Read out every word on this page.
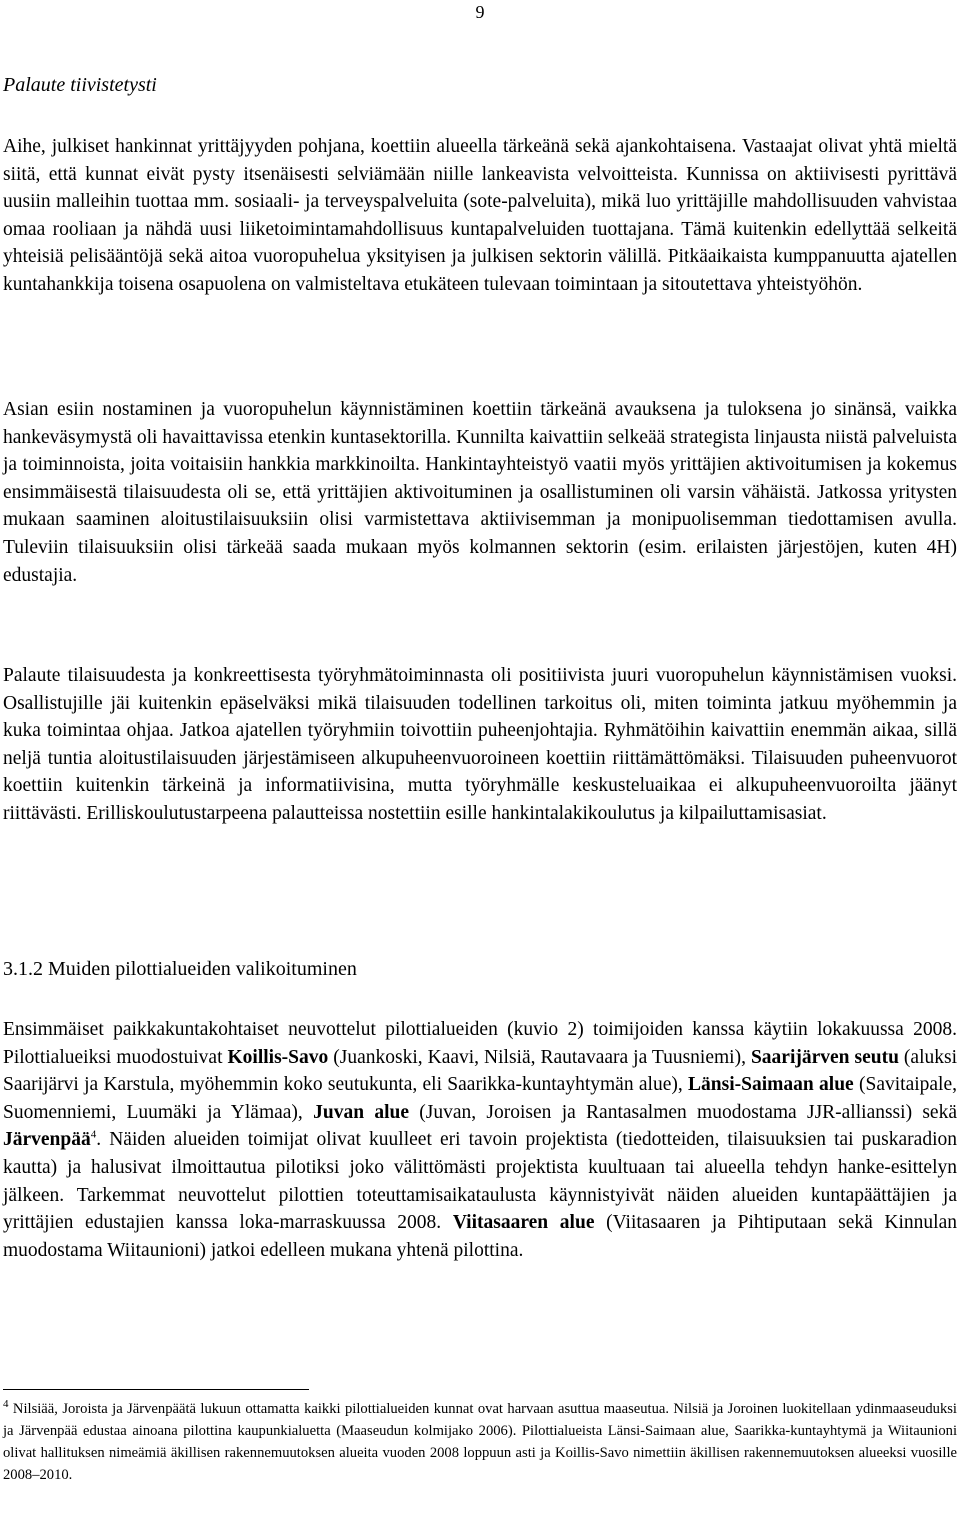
9
Palaute tiivistetysti

Aihe, julkiset hankinnat yrittäjyyden pohjana, koettiin alueella tärkeänä sekä ajankohtaisena. Vastaajat olivat yhtä mieltä siitä, että kunnat eivät pysty itsenäisesti selviämään niille lankeavista velvoitteista. Kunnissa on aktiivisesti pyrittävä uusiin malleihin tuottaa mm. sosiaali- ja terveyspalveluita (sote-palveluita), mikä luo yrittäjille mahdollisuuden vahvistaa omaa rooliaan ja nähdä uusi liiketoimintamahdollisuus kuntapalveluiden tuottajana. Tämä kuitenkin edellyttää selkeitä yhteisiä pelisääntöjä sekä aitoa vuoropuhelua yksityisen ja julkisen sektorin välillä. Pitkäaikaista kumppanuutta ajatellen kuntahankkija toisena osapuolena on valmisteltava etukäteen tulevaan toimintaan ja sitoutettava yhteistyöhön.

Asian esiin nostaminen ja vuoropuhelun käynnistäminen koettiin tärkeänä avauksena ja tuloksena jo sinänsä, vaikka hankeväsymystä oli havaittavissa etenkin kuntasektorilla. Kunnilta kaivattiin selkeää strategista linjausta niistä palveluista ja toiminnoista, joita voitaisiin hankkia markkinoilta. Hankintayhteistyö vaatii myös yrittäjien aktivoitumisen ja kokemus ensimmäisestä tilaisuudesta oli se, että yrittäjien aktivoituminen ja osallistuminen oli varsin vähäistä. Jatkossa yritysten mukaan saaminen aloitustilaisuuksiin olisi varmistettava aktiivisemman ja monipuolisemman tiedottamisen avulla. Tuleviin tilaisuuksiin olisi tärkeää saada mukaan myös kolmannen sektorin (esim. erilaisten järjestöjen, kuten 4H) edustajia.

Palaute tilaisuudesta ja konkreettisesta työryhmätoiminnasta oli positiivista juuri vuoropuhelun käynnistämisen vuoksi. Osallistujille jäi kuitenkin epäselväksi mikä tilaisuuden todellinen tarkoitus oli, miten toiminta jatkuu myöhemmin ja kuka toimintaa ohjaa. Jatkoa ajatellen työryhmiin toivottiin puheenjohtajia. Ryhmätöihin kaivattiin enemmän aikaa, sillä neljä tuntia aloitustilaisuuden järjestämiseen alkupuheenvuoroineen koettiin riittämättömäksi. Tilaisuuden puheenvuorot koettiin kuitenkin tärkeinä ja informatiivisina, mutta työryhmälle keskusteluaikaa ei alkupuheenvuoroilta jäänyt riittävästi. Erilliskoulutustarpeena palautteissa nostettiin esille hankintalakikoulutus ja kilpailuttamisasiat.

3.1.2 Muiden pilottialueiden valikoituminen

Ensimmäiset paikkakuntakohtaiset neuvottelut pilottialueiden (kuvio 2) toimijoiden kanssa käytiin lokakuussa 2008. Pilottialueiksi muodostuivat Koillis-Savo (Juankoski, Kaavi, Nilsiä, Rautavaara ja Tuusniemi), Saarijärven seutu (aluksi Saarijärvi ja Karstula, myöhemmin koko seutukunta, eli Saarikka-kuntayhtymän alue), Länsi-Saimaan alue (Savitaipale, Suomenniemi, Luumäki ja Ylämaa), Juvan alue (Juvan, Joroisen ja Rantasalmen muodostama JJR-allianssi) sekä Järvenpää$^4$. Näiden alueiden toimijat olivat kuulleet eri tavoin projektista (tiedotteiden, tilaisuuksien tai puskaradion kautta) ja halusivat ilmoittautua pilotiksi joko välittömästi projektista kuultuaan tai alueella tehdyn hanke-esittelyn jälkeen. Tarkemmat neuvottelut pilottien toteuttamisaikataulusta käynnistyivät näiden alueiden kuntapäättäjien ja yrittäjien edustajien kanssa loka-marraskuussa 2008. Viitasaaren alue (Viitasaaren ja Pihtiputaan sekä Kinnulan muodostama Wiitaunioni) jatkoi edelleen mukana yhtenä pilottina.

$^4$ Nilsiää, Joroista ja Järvenpäätä lukuun ottamatta kaikki pilottialueiden kunnat ovat harvaan asuttua maaseutua. Nilsiä ja Joroinen luokitellaan ydinmaaseuduksi ja Järvenpää edustaa ainoana pilottina kaupunkialuetta (Maaseudun kolmijako 2006). Pilottialueista Länsi-Saimaan alue, Saarikka-kuntayhtymä ja Wiitaunioni olivat hallituksen nimeämiä äkillisen rakennemuutoksen alueita vuoden 2008 loppuun asti ja Koillis-Savo nimettiin äkillisen rakennemuutoksen alueeksi vuosille 2008–2010.
